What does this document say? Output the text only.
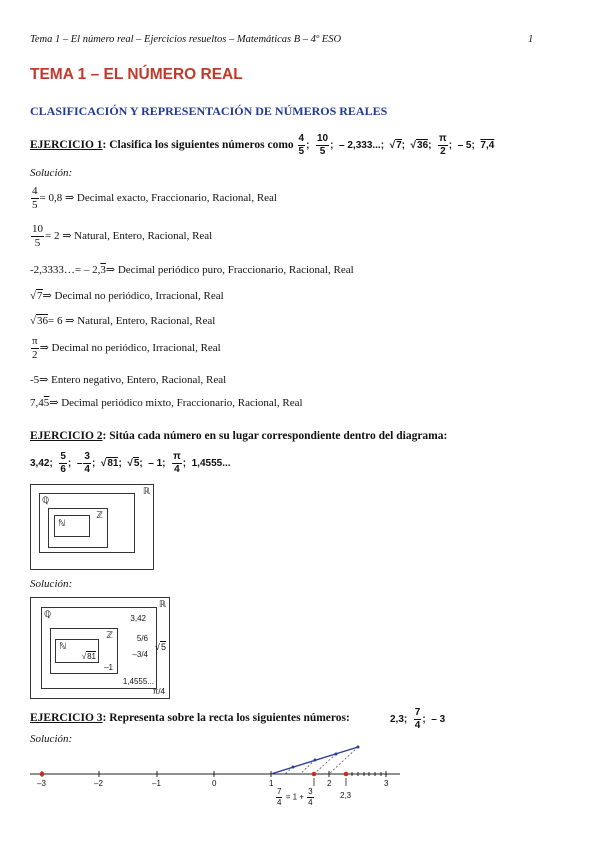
Tema 1 – El número real – Ejercicios resueltos – Matemáticas B – 4º ESO	1
TEMA 1 – EL NÚMERO REAL
CLASIFICACIÓN Y REPRESENTACIÓN DE NÚMEROS REALES
EJERCICIO 1: Clasifica los siguientes números como $\frac{4}{5}$ ; $\frac{10}{5}$ ;  – 2,333...;  √7;  √36; $\frac{\pi}{2}$ ;  – 5; 7,4
Solución:
$\frac{4}{5} = 0,8$ ⇒ Decimal exacto, Fraccionario, Racional, Real
$\frac{10}{5} = 2$ ⇒ Natural, Entero, Racional, Real
-2,3333…= – 2,3⇒ Decimal periódico puro, Fraccionario, Racional, Real
√7⇒ Decimal no periódico, Irracional, Real
√36= 6 ⇒ Natural, Entero, Racional, Real
$\frac{\pi}{2}$ ⇒ Decimal no periódico, Irracional, Real
-5⇒ Entero negativo, Entero, Racional, Real
7,45⇒ Decimal periódico mixto, Fraccionario, Racional, Real
EJERCICIO 2: Sitúa cada número en su lugar correspondiente dentro del diagrama:
3,42; $\frac{5}{6}$ ;  – $\frac{3}{4}$ ;  √81;  √5;  – 1; $\frac{\pi}{4}$ ;  1,4555...
ℝ
ℚ
ℤ
ℕ
Solución:
ℝ
ℚ
ℤ
ℕ
√81
–1
3,42
5/6
–3/4
1,4555...
√5
π/4
EJERCICIO 3: Representa sobre la recta los siguientes números:	2,3; $\frac{7}{4}$ ;  – 3
Solución:
–3	–2	–1	0	1	2	3
$\frac{7}{4} = 1 + \frac{3}{4}$	2,3
